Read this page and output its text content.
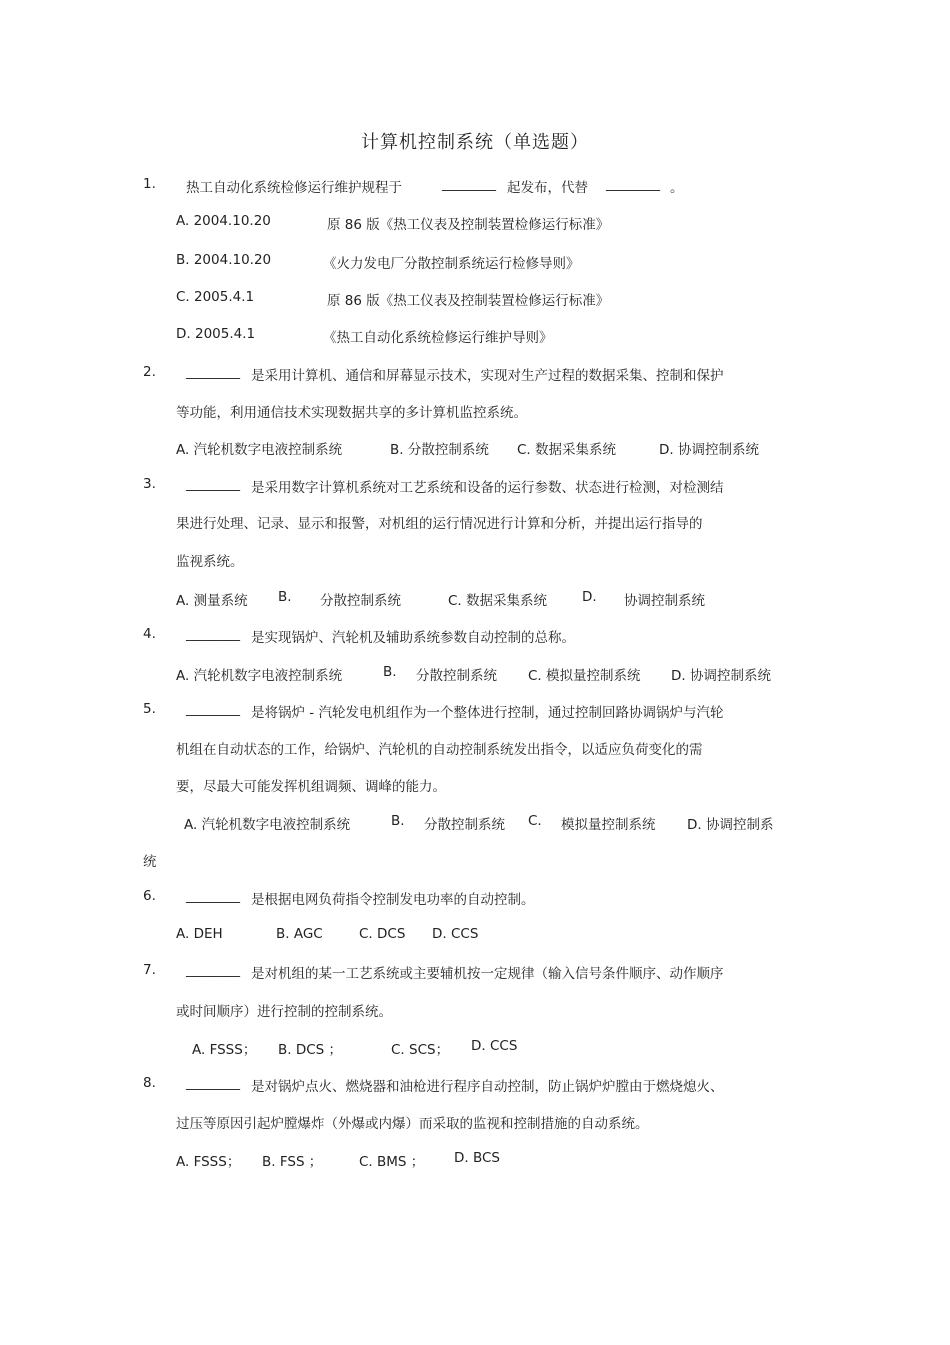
计算机控制系统（单选题）
1. 热工自动化系统检修运行维护规程于	________ 起发布，代替 ________ 。
A. 2004.10.20	原 86 版《热工仪表及控制装置检修运行标准》
B. 2004.10.20	《火力发电厂分散控制系统运行检修导则》
C. 2005.4.1	原 86 版《热工仪表及控制装置检修运行标准》
D. 2005.4.1	《热工自动化系统检修运行维护导则》
2. ________ 是采用计算机、通信和屏幕显示技术，实现对生产过程的数据采集、控制和保护
等功能，利用通信技术实现数据共享的多计算机监控系统。
A. 汽轮机数字电液控制系统	B. 分散控制系统 C. 数据采集系统	D. 协调控制系统
3. ________ 是采用数字计算机系统对工艺系统和设备的运行参数、状态进行检测，对检测结
果进行处理、记录、显示和报警，对机组的运行情况进行计算和分析，并提出运行指导的
监视系统。
A. 测量系统 B. 分散控制系统	C. 数据采集系统	D. 协调控制系统
4. ________ 是实现锅炉、汽轮机及辅助系统参数自动控制的总称。
A. 汽轮机数字电液控制系统	B. 分散控制系统 C. 模拟量控制系统 D. 协调控制系统
5. ________ 是将锅炉 - 汽轮发电机组作为一个整体进行控制，通过控制回路协调锅炉与汽轮
机组在自动状态的工作，给锅炉、汽轮机的自动控制系统发出指令，以适应负荷变化的需
要，尽最大可能发挥机组调频、调峰的能力。
A. 汽轮机数字电液控制系统	B. 分散控制系统 C. 模拟量控制系统 D. 协调控制系
统
6. ________ 是根据电网负荷指令控制发电功率的自动控制。
A. DEH	B. AGC	C. DCS D. CCS
7. ________ 是对机组的某一工艺系统或主要辅机按一定规律（输入信号条件顺序、动作顺序
或时间顺序）进行控制的控制系统。
A. FSSS； B. DCS ；	C. SCS； D. CCS
8. ________ 是对锅炉点火、燃烧器和油枪进行程序自动控制，防止锅炉炉膛由于燃烧熄火、
过压等原因引起炉膛爆炸（外爆或内爆）而采取的监视和控制措施的自动系统。
A. FSSS； B. FSS ；	C. BMS ； D. BCS
